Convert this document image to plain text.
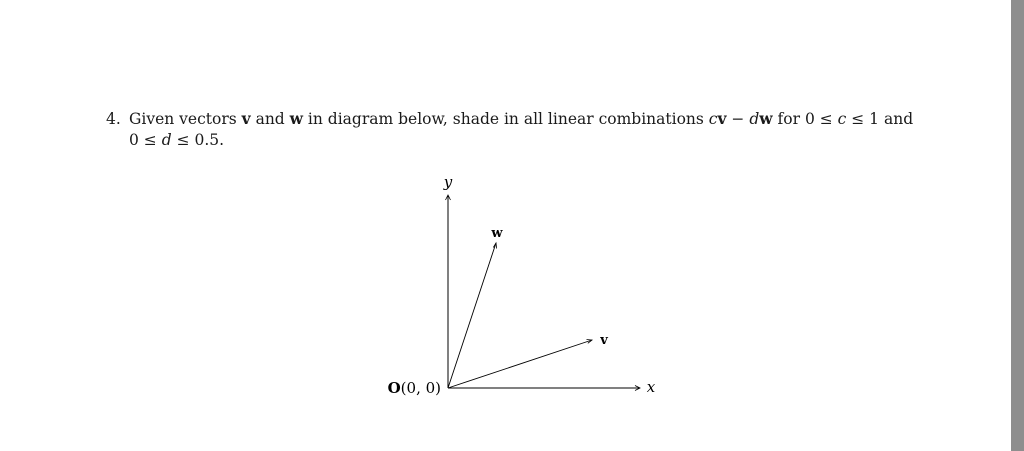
4. Given vectors v and w in diagram below, shade in all linear combinations cv − dw for 0 ≤ c ≤ 1 and
0 ≤ d ≤ 0.5.
y
x
w
v
O(0, 0)
